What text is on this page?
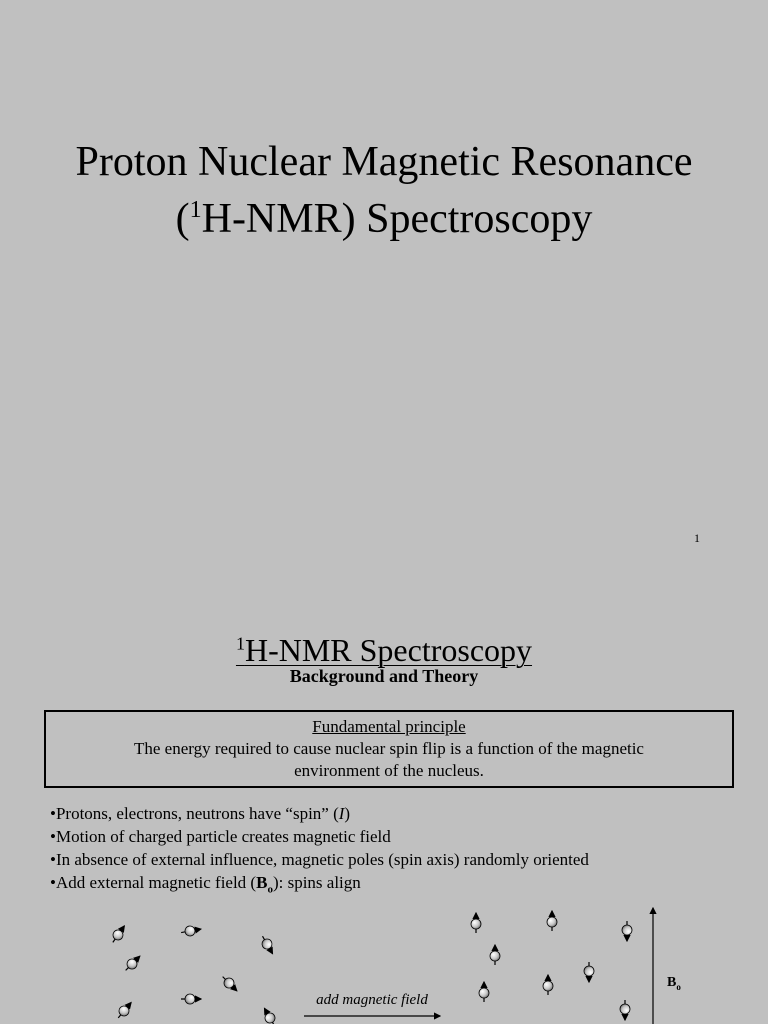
Proton Nuclear Magnetic Resonance
($^1$H-NMR) Spectroscopy
1
$^1$H-NMR Spectroscopy
Background and Theory
Fundamental principle
The energy required to cause nuclear spin flip is a function of the magnetic
environment of the nucleus.
•Protons, electrons, neutrons have “spin” (I)
•Motion of charged particle creates magnetic field
•In absence of external influence, magnetic poles (spin axis) randomly oriented
•Add external magnetic field $(B_o)$: spins align
add magnetic field
$B_o$
